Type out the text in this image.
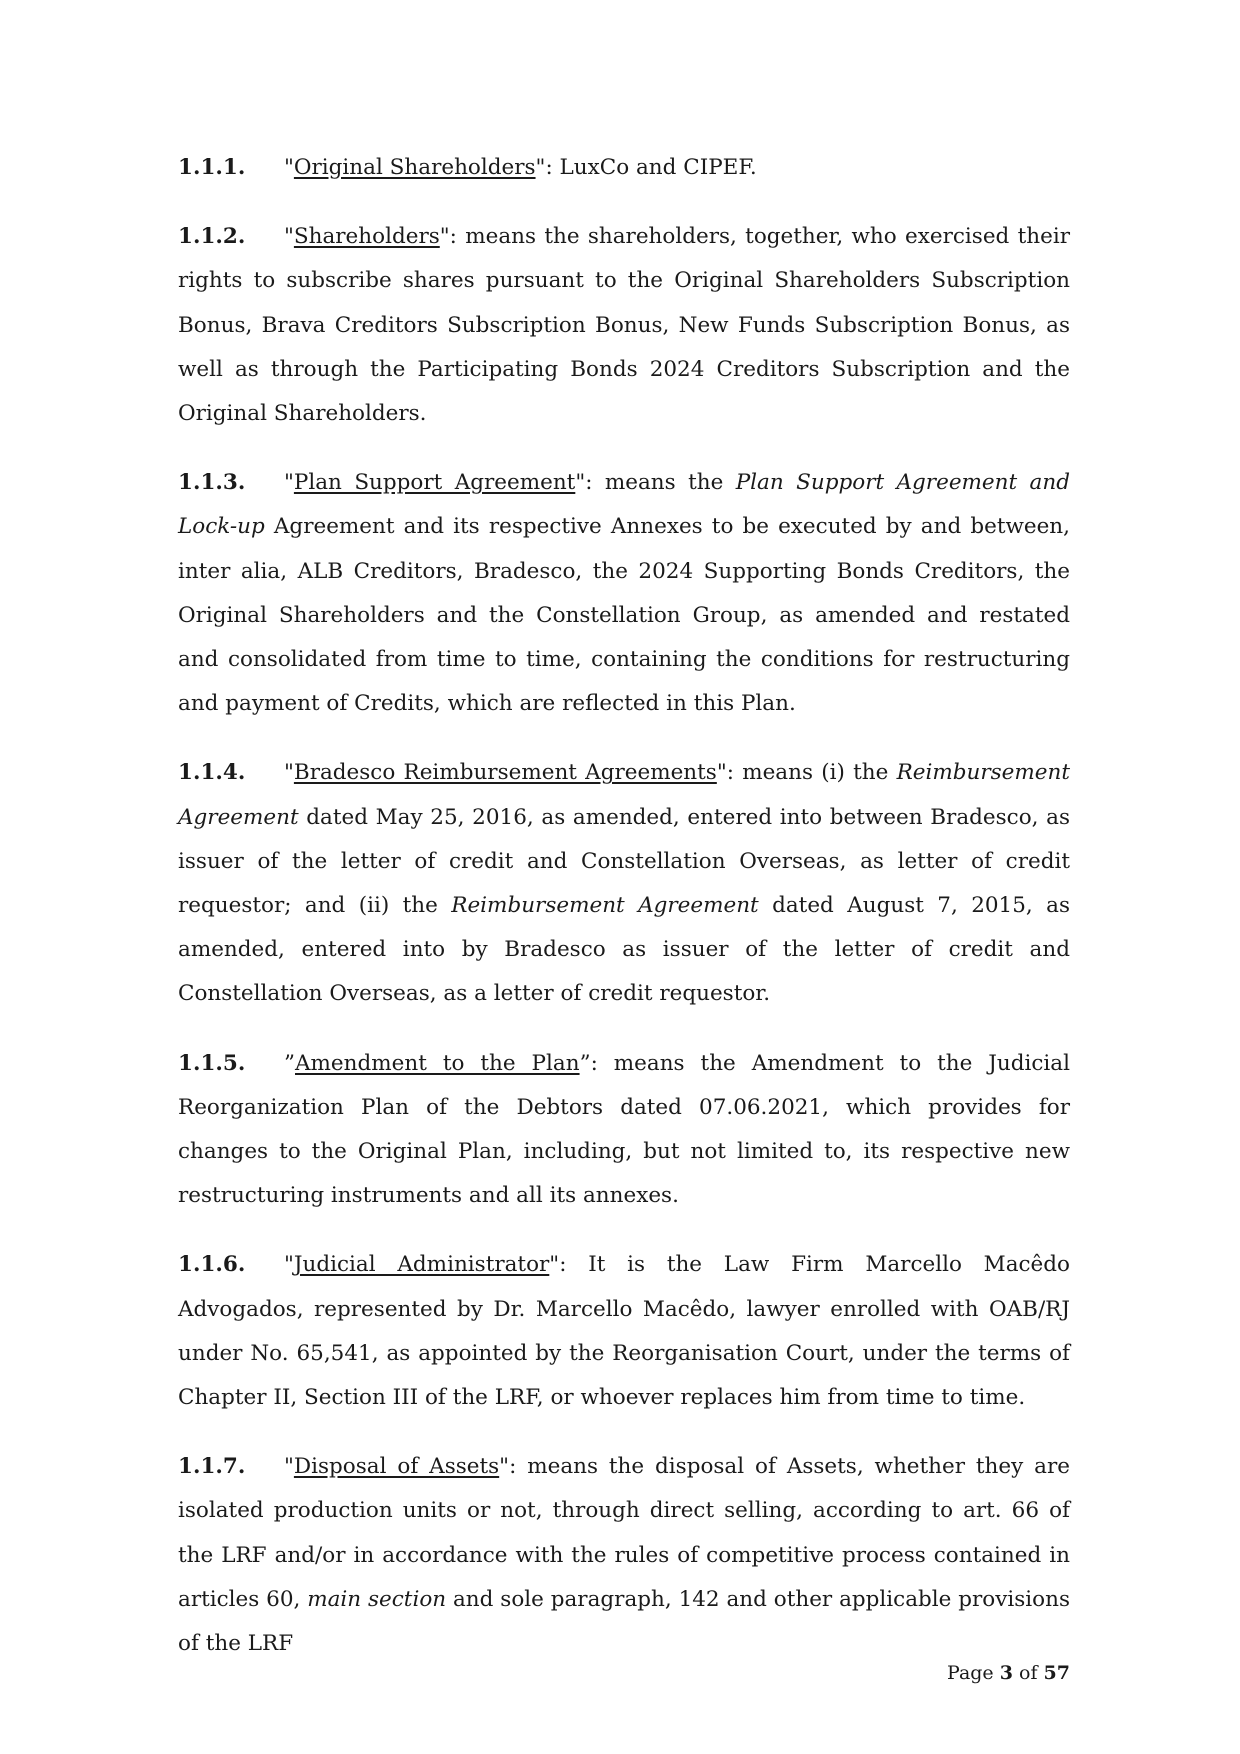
1.1.1. "Original Shareholders": LuxCo and CIPEF.

1.1.2. "Shareholders": means the shareholders, together, who exercised their rights to subscribe shares pursuant to the Original Shareholders Subscription Bonus, Brava Creditors Subscription Bonus, New Funds Subscription Bonus, as well as through the Participating Bonds 2024 Creditors Subscription and the Original Shareholders.

1.1.3. "Plan Support Agreement": means the Plan Support Agreement and Lock-up Agreement and its respective Annexes to be executed by and between, inter alia, ALB Creditors, Bradesco, the 2024 Supporting Bonds Creditors, the Original Shareholders and the Constellation Group, as amended and restated and consolidated from time to time, containing the conditions for restructuring and payment of Credits, which are reflected in this Plan.

1.1.4. "Bradesco Reimbursement Agreements": means (i) the Reimbursement Agreement dated May 25, 2016, as amended, entered into between Bradesco, as issuer of the letter of credit and Constellation Overseas, as letter of credit requestor; and (ii) the Reimbursement Agreement dated August 7, 2015, as amended, entered into by Bradesco as issuer of the letter of credit and Constellation Overseas, as a letter of credit requestor.

1.1.5. ”Amendment to the Plan”: means the Amendment to the Judicial Reorganization Plan of the Debtors dated 07.06.2021, which provides for changes to the Original Plan, including, but not limited to, its respective new restructuring instruments and all its annexes.

1.1.6. "Judicial Administrator": It is the Law Firm Marcello Macêdo Advogados, represented by Dr. Marcello Macêdo, lawyer enrolled with OAB/RJ under No. 65,541, as appointed by the Reorganisation Court, under the terms of Chapter II, Section III of the LRF, or whoever replaces him from time to time.

1.1.7. "Disposal of Assets": means the disposal of Assets, whether they are isolated production units or not, through direct selling, according to art. 66 of the LRF and/or in accordance with the rules of competitive process contained in articles 60, main section and sole paragraph, 142 and other applicable provisions of the LRF

Page 3 of 57
